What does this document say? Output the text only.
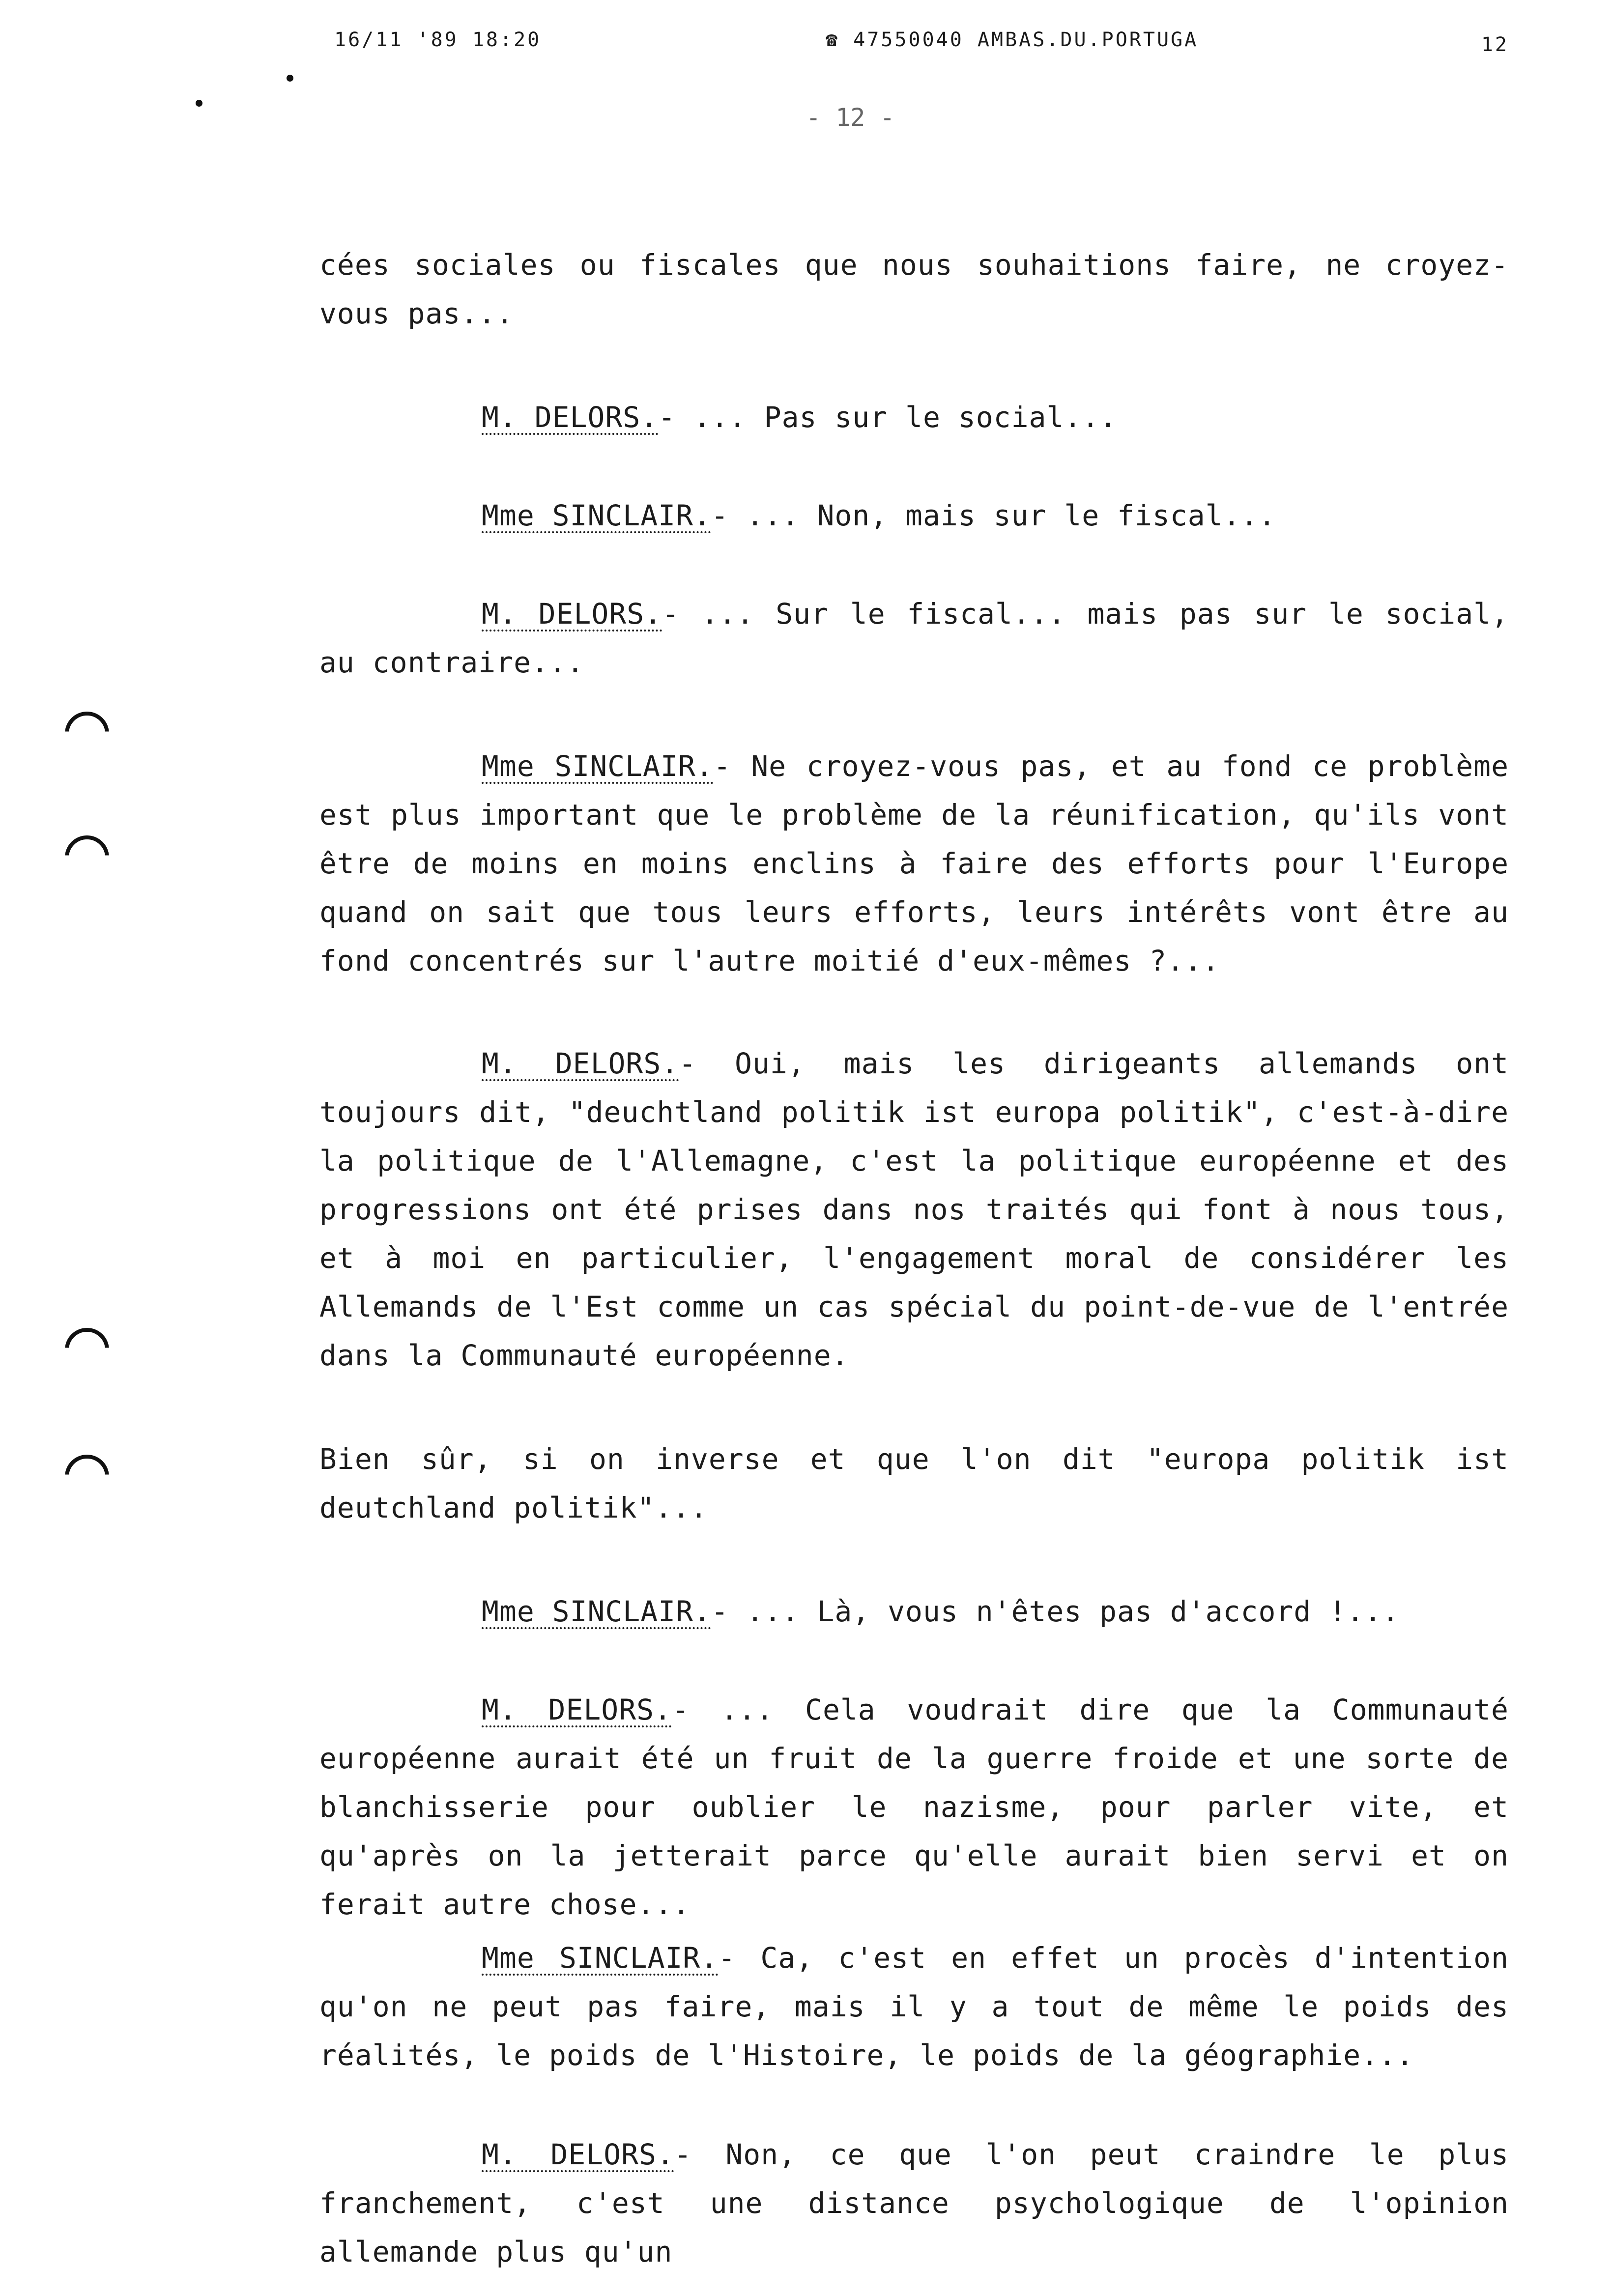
16/11 '89 18:20	☎ 47550040 AMBAS.DU.PORTUGA	12
- 12 -

cées sociales ou fiscales que nous souhaitions faire, ne croyez-vous pas...

M. DELORS.- ... Pas sur le social...

Mme SINCLAIR.- ... Non, mais sur le fiscal...

M. DELORS.- ... Sur le fiscal... mais pas sur le social, au contraire...

Mme SINCLAIR.- Ne croyez-vous pas, et au fond ce problème est plus important que le problème de la réunification, qu'ils vont être de moins en moins enclins à faire des efforts pour l'Europe quand on sait que tous leurs efforts, leurs intérêts vont être au fond concentrés sur l'autre moitié d'eux-mêmes ?...

M. DELORS.- Oui, mais les dirigeants allemands ont toujours dit, "deuchtland politik ist europa politik", c'est-à-dire la politique de l'Allemagne, c'est la politique européenne et des progressions ont été prises dans nos traités qui font à nous tous, et à moi en particulier, l'engagement moral de considérer les Allemands de l'Est comme un cas spécial du point-de-vue de l'entrée dans la Communauté européenne.

Bien sûr, si on inverse et que l'on dit "europa politik ist deutchland politik"...

Mme SINCLAIR.- ... Là, vous n'êtes pas d'accord !...

M. DELORS.- ... Cela voudrait dire que la Communauté européenne aurait été un fruit de la guerre froide et une sorte de blanchisserie pour oublier le nazisme, pour parler vite, et qu'après on la jetterait parce qu'elle aurait bien servi et on ferait autre chose...

Mme SINCLAIR.- Ca, c'est en effet un procès d'intention qu'on ne peut pas faire, mais il y a tout de même le poids des réalités, le poids de l'Histoire, le poids de la géographie...

M. DELORS.- Non, ce que l'on peut craindre le plus franchement, c'est une distance psychologique de l'opinion allemande plus qu'un
